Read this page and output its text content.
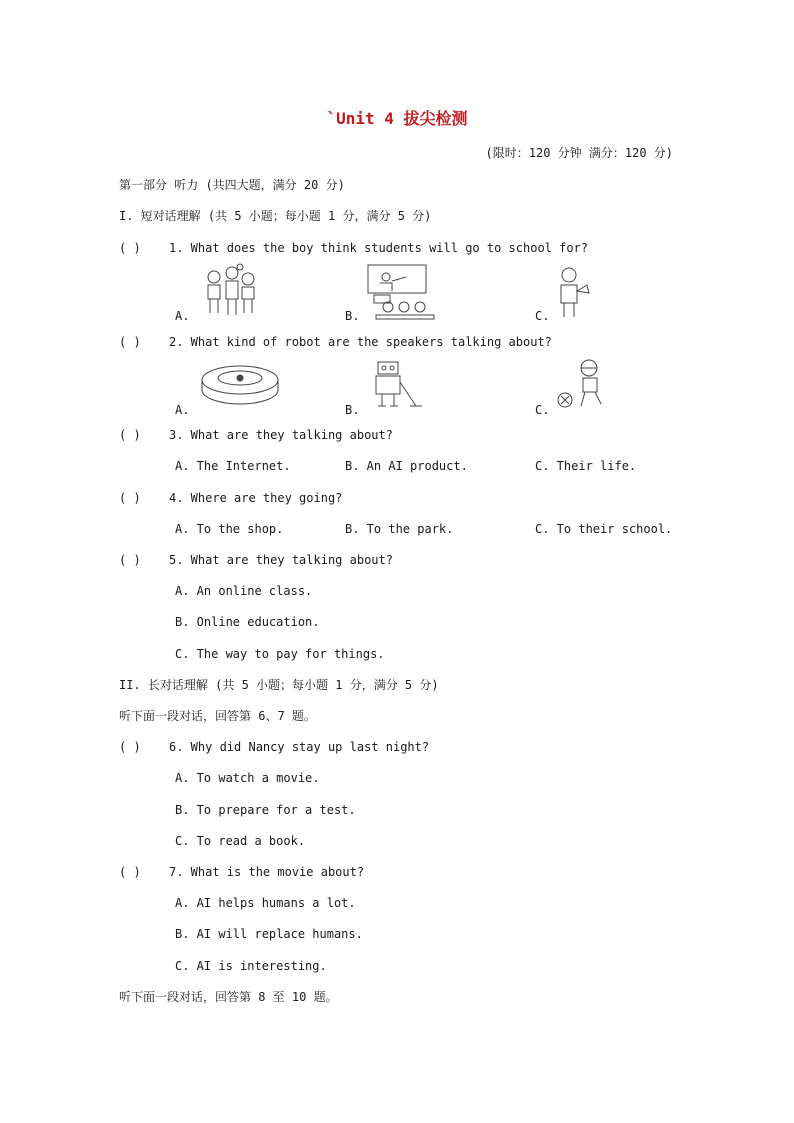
`Unit 4 拔尖检测
(限时：120 分钟 满分：120 分)
第一部分 听力 (共四大题，满分 20 分)
I. 短对话理解 (共 5 小题；每小题 1 分，满分 5 分)
( ) 1. What does the boy think students will go to school for?
A.	B.	C.
( ) 2. What kind of robot are the speakers talking about?
A.	B.	C.
( ) 3. What are they talking about?
A. The Internet.	B. An AI product.	C. Their life.
( ) 4. Where are they going?
A. To the shop.	B. To the park.	C. To their school.
( ) 5. What are they talking about?
A. An online class.
B. Online education.
C. The way to pay for things.
II. 长对话理解 (共 5 小题；每小题 1 分，满分 5 分)
听下面一段对话，回答第 6、7 题。
( ) 6. Why did Nancy stay up last night?
A. To watch a movie.
B. To prepare for a test.
C. To read a book.
( ) 7. What is the movie about?
A. AI helps humans a lot.
B. AI will replace humans.
C. AI is interesting.
听下面一段对话，回答第 8 至 10 题。
